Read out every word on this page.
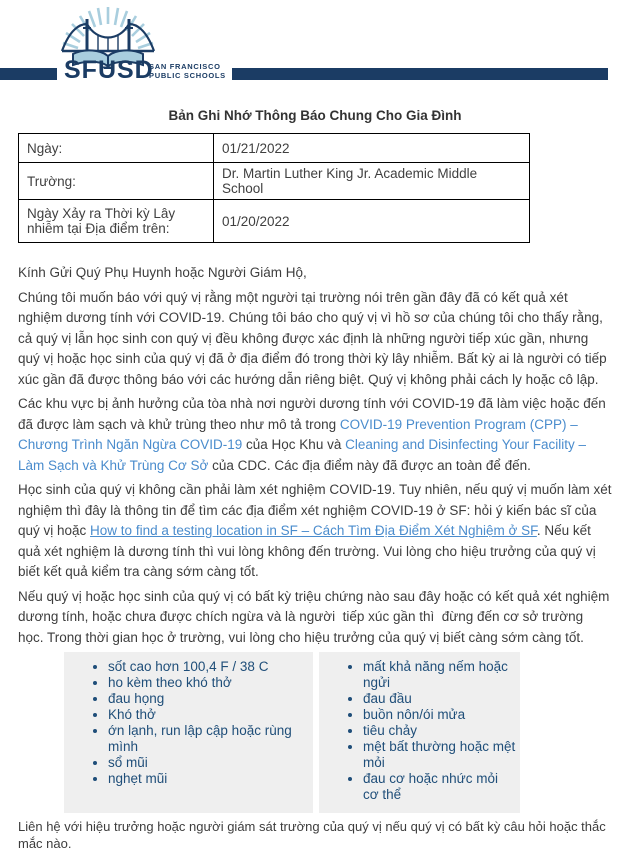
SFUSD
SAN FRANCISCO
PUBLIC SCHOOLS
Bản Ghi Nhớ Thông Báo Chung Cho Gia Đình
Ngày:	01/21/2022
Trường:	Dr. Martin Luther King Jr. Academic Middle School
Ngày Xảy ra Thời kỳ Lây nhiễm tại Địa điểm trên:	01/20/2022

Kính Gửi Quý Phụ Huynh hoặc Người Giám Hộ,

Chúng tôi muốn báo với quý vị rằng một người tại trường nói trên gần đây đã có kết quả xét nghiệm dương tính với COVID-19. Chúng tôi báo cho quý vị vì hồ sơ của chúng tôi cho thấy rằng, cả quý vị lẫn học sinh con quý vị đều không được xác định là những người tiếp xúc gần, nhưng quý vị hoặc học sinh của quý vị đã ở địa điểm đó trong thời kỳ lây nhiễm. Bất kỳ ai là người có tiếp xúc gần đã được thông báo với các hướng dẫn riêng biệt. Quý vị không phải cách ly hoặc cô lập.

Các khu vực bị ảnh hưởng của tòa nhà nơi người dương tính với COVID-19 đã làm việc hoặc đến đã được làm sạch và khử trùng theo như mô tả trong COVID-19 Prevention Program (CPP) – Chương Trình Ngăn Ngừa COVID-19 của Học Khu và Cleaning and Disinfecting Your Facility – Làm Sạch và Khử Trùng Cơ Sở của CDC. Các địa điểm này đã được an toàn để đến.

Học sinh của quý vị không cần phải làm xét nghiệm COVID-19. Tuy nhiên, nếu quý vị muốn làm xét nghiệm thì đây là thông tin để tìm các địa điểm xét nghiệm COVID-19 ở SF: hỏi ý kiến bác sĩ của quý vị hoặc How to find a testing location in SF – Cách Tìm Địa Điểm Xét Nghiệm ở SF. Nếu kết quả xét nghiệm là dương tính thì vui lòng không đến trường. Vui lòng cho hiệu trưởng của quý vị biết kết quả kiểm tra càng sớm càng tốt.

Nếu quý vị hoặc học sinh của quý vị có bất kỳ triệu chứng nào sau đây hoặc có kết quả xét nghiệm dương tính, hoặc chưa được chích ngừa và là người  tiếp xúc gần thì  đừng đến cơ sở trường học. Trong thời gian học ở trường, vui lòng cho hiệu trưởng của quý vị biết càng sớm càng tốt.

• sốt cao hơn 100,4 F / 38 C
• ho kèm theo khó thở
• đau họng
• Khó thở
• ớn lạnh, run lập cập hoặc rùng mình
• sổ mũi
• nghẹt mũi
• mất khả năng nếm hoặc ngửi
• đau đầu
• buồn nôn/ói mửa
• tiêu chảy
• mệt bất thường hoặc mệt mỏi
• đau cơ hoặc nhức mỏi cơ thể
Liên hệ với hiệu trưởng hoặc người giám sát trường của quý vị nếu quý vị có bất kỳ câu hỏi hoặc thắc mắc nào.
